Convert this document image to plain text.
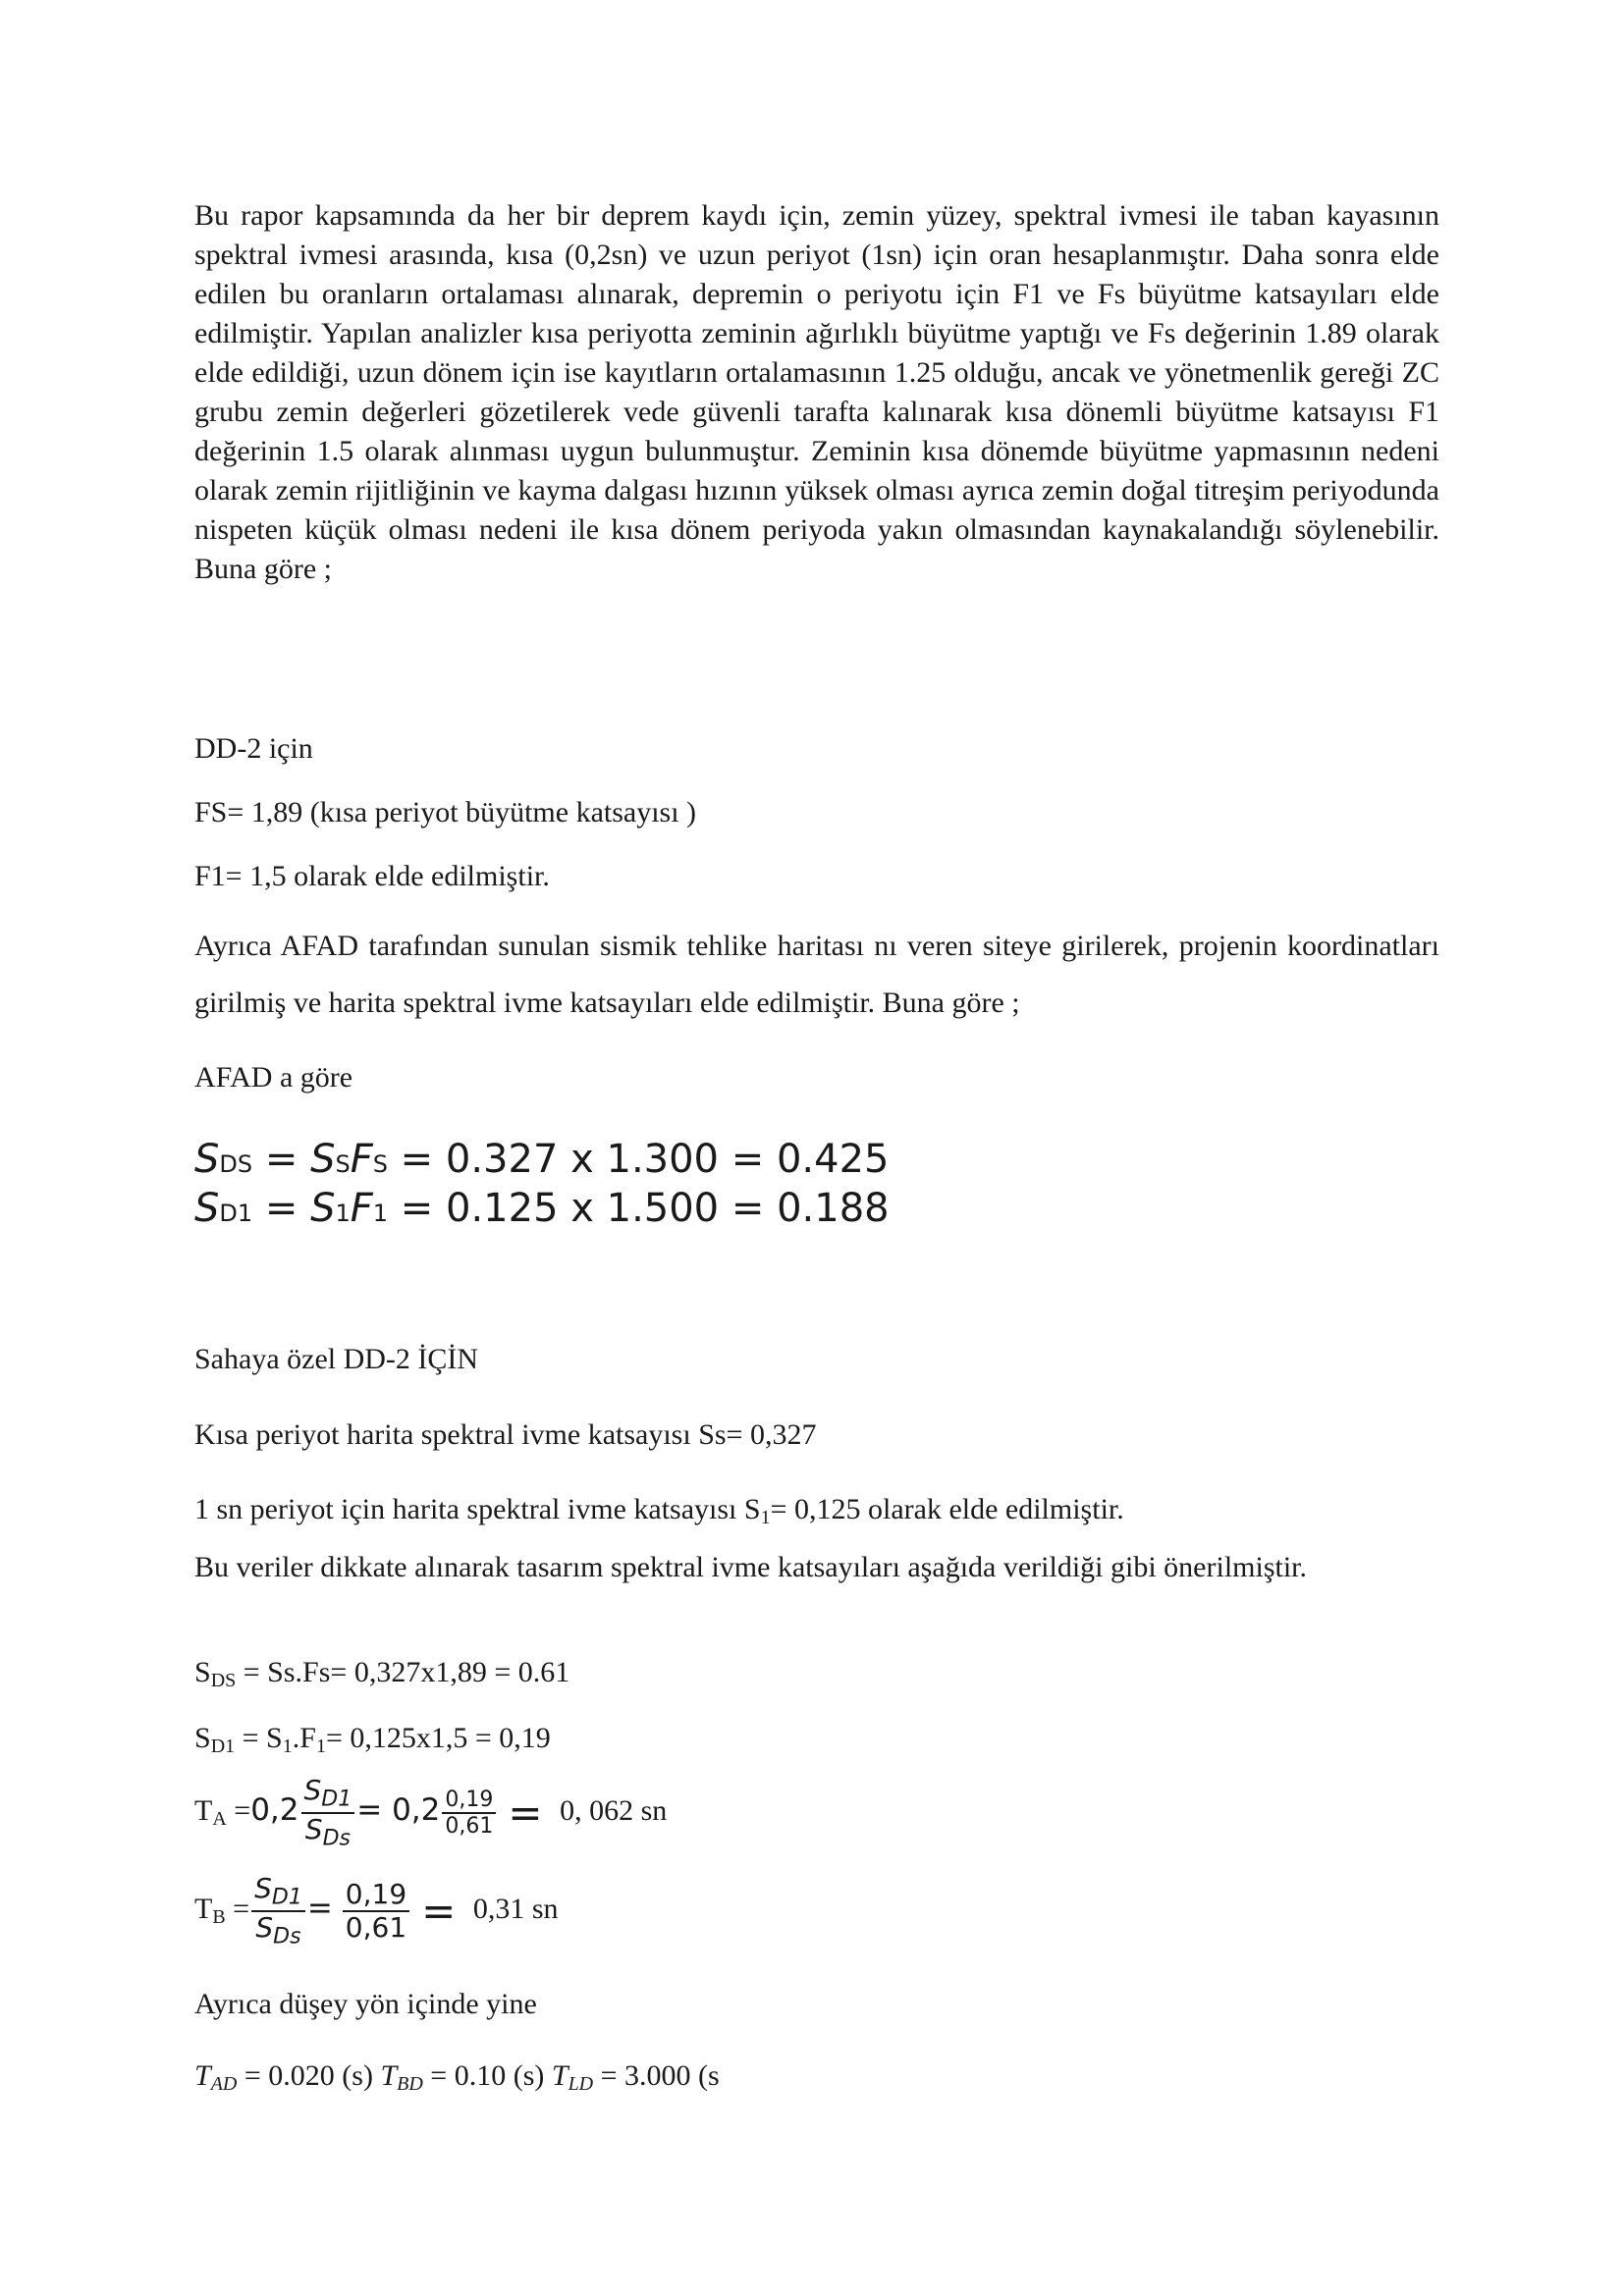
Bu rapor kapsamında da her bir deprem kaydı için, zemin yüzey, spektral ivmesi ile taban kayasının spektral ivmesi arasında, kısa (0,2sn) ve uzun periyot (1sn) için oran hesaplanmıştır. Daha sonra elde edilen bu oranların ortalaması alınarak, depremin o periyotu için F1 ve Fs büyütme katsayıları elde edilmiştir. Yapılan analizler kısa periyotta zeminin ağırlıklı büyütme yaptığı ve Fs değerinin 1.89 olarak elde edildiği, uzun dönem için ise kayıtların ortalamasının 1.25 olduğu, ancak ve yönetmenlik gereği ZC grubu zemin değerleri gözetilerek vede güvenli tarafta kalınarak kısa dönemli büyütme katsayısı F1 değerinin 1.5 olarak alınması uygun bulunmuştur. Zeminin kısa dönemde büyütme yapmasının nedeni olarak zemin rijitliğinin ve kayma dalgası hızının yüksek olması ayrıca zemin doğal titreşim periyodunda nispeten küçük olması nedeni ile kısa dönem periyoda yakın olmasından kaynakalandığı söylenebilir. Buna göre ;

DD-2 için

FS= 1,89 (kısa periyot büyütme katsayısı )

F1= 1,5 olarak elde edilmiştir.

Ayrıca AFAD tarafından sunulan sismik tehlike haritası nı veren siteye girilerek, projenin koordinatları girilmiş ve harita spektral ivme katsayıları elde edilmiştir. Buna göre ;

AFAD a göre

SDS = SSFS = 0.327 x 1.300 = 0.425

SD1 = S1F1 = 0.125 x 1.500 = 0.188

Sahaya özel DD-2 İÇİN

Kısa periyot harita spektral ivme katsayısı Ss= 0,327

1 sn periyot için harita spektral ivme katsayısı $S_1= 0,125$ olarak elde edilmiştir.

Bu veriler dikkate alınarak tasarım spektral ivme katsayıları aşağıda verildiği gibi önerilmiştir.

$S_{DS} = Ss.Fs= 0,327x1,89 = 0.61$

$S_{D1} = S_1.F_1= 0,125x1,5 = 0,19$

$T_A =0,2 \frac{S_{D1}}{S_{Ds}} = 0,2 \frac{0,19}{0,61} = 0$, 062 sn
$T_B = \frac{S_{D1}}{S_{Ds}} = \frac{0,19}{0,61} = 0,31$ sn

Ayrıca düşey yön içinde yine

$T_{AD} = 0.020$ (s) $T_{BD} = 0.10$ (s) $T_{LD} = 3.000$ (s
